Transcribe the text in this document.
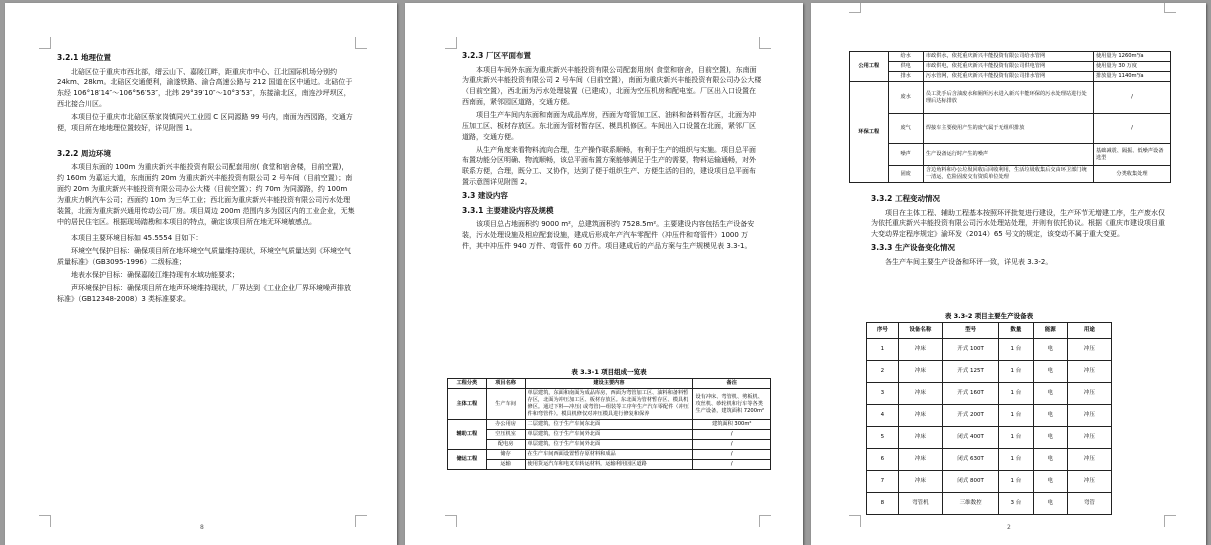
3.2.1 地理位置
北碚区位于重庆市西北部，缙云山下、嘉陵江畔，距重庆市中心、江北国际机场分别约 24km、28km。北碚区交通便利，渝遂铁路、渝合高速公路与 212 国道在区中通过。北碚位于东经 106°18′14″～106°56′53″，北纬 29°39′10″～10°3′53″，东接渝北区，南连沙坪坝区，西北接合川区。
本项目位于重庆市北碚区蔡家岗镇同兴工业园 C 区同源路 99 号内，南面为西园路，交通方便，项目所在地地理位置较好，详见附图 1。
3.2.2 周边环境
本项目东面的 100m 为重庆新兴丰能投资有限公司配套用房( 食堂和宿舍楼，目前空置)，约 160m 为嘉运大道，东南面约 20m 为重庆新兴丰能投资有限公司 2 号车间（目前空置）；南面约 20m 为重庆新兴丰能投资有限公司办公大楼（目前空置）；约 70m 为同源路，约 100m 为重庆力帆汽车公司；西面约 10m 为三华工业；西北面为重庆新兴丰能投资有限公司污水处理装置，北面为重庆新兴通用传动公司厂房。项目周边 200m 范围内多为园区内的工业企业，无集中的居民住宅区。根据现场踏勘和本项目的特点，确定该项目所在地无环境敏感点。
本项目主要环境目标如 45.5554 目如下：
环境空气保护目标：确保项目所在地环境空气质量维持现状，环境空气质量达到《环境空气质量标准》（GB3095-1996）二级标准；
地表水保护目标：确保嘉陵江维持现有水域功能要求；
声环境保护目标：确保项目所在地声环境维持现状，厂界达到《工业企业厂界环境噪声排放标准》（GB12348-2008）3 类标准要求。
8
3.2.3 厂区平面布置
本项目车间外东面为重庆新兴丰能投资有限公司配套用房( 食堂和宿舍，目前空置)，东南面为重庆新兴丰能投资有限公司 2 号车间（目前空置），南面为重庆新兴丰能投资有限公司办公大楼（目前空置），西北面为污水处理装置（已建成），北面为空压机房和配电室。厂区出入口设置在西南面，紧邻园区道路，交通方便。
项目生产车间内东面和南面为成品库房，西面为弯管加工区、油料和备料暂存区，北面为冲压加工区、板材存放区。东北面为管材暂存区、模具机修区。车间出入口设置在北面，紧邻厂区道路，交通方便。
从生产角度来看物料流向合理，生产操作联系顺畅，有利于生产的组织与实施。项目总平面布置功能分区明确、物流顺畅，该总平面布置方案能够满足于生产的需要，物料运输通畅，对外联系方便，合理，既分工、又协作，达到了便于组织生产、方便生活的目的，建设项目总平面布置示意图详见附图 2。
3.3 建设内容
3.3.1 主要建设内容及规模
该项目总占地面积约 9000 m²，总建筑面积约 7528.5m²。主要建设内容包括生产设备安装，污水处理设施及相应配套设施，建成后形成年产汽车零配件（冲压件和弯管件）1000 万件，其中冲压件 940 万件、弯管件 60 万件。项目建成后的产品方案与生产规模见表 3.3-1。
表 3.3-1 项目组成一览表
工程分类	项目名称	建设主要内容	备注
主体工程	生产车间	单层建筑，东面和南面为成品库房，西面为弯管加工区、油料和备料暂存区，北面为冲压加工区、板材存放区。东北面为管材暂存区、模具机修区。通过下料—冲压( 或弯管)—组装等工序年生产汽车零配件（冲压件和弯管件）。模具机修仅对冲压模具进行修复和保养	设有冲床、弯管机、剪板机、攻丝机、砂轮机和行车等各类生产设备，建筑面积 7200m²
辅助工程	办公用房	二层建筑，位于生产车间东北面	建筑面积 300m²
	空压机室	单层建筑，位于生产车间外北面	/
	配电房	单层建筑，位于生产车间外北面	/
储运工程	储存	在生产车间西面设置暂存原材料和成品	/
	运输	使用货运汽车和电叉车转运材料，运输利用园区道路	/
公用工程	给水	市政供水，依托重庆新兴丰能投资有限公司给水管网	使用量为 1260m³/a
	供电	市政供电，依托重庆新兴丰能投资有限公司供电管网	使用量为 30 万度
	排水	污水管网，依托重庆新兴丰能投资有限公司排水管网	排放量为 1140m³/a
环保工程	废水	员工洗手后含油废水和厕所污水进入新兴丰能环保的污水处理站进行处理后达标排放	/
	废气	焊接车主要使用产生的废气属于无组织排放	/
	噪声	生产设备运行时产生的噪声	基础减震、隔振、低噪声设备选型
	固废	含边角料和办公垃圾回收后回收利用，生活垃圾收集后交由环卫部门统一清运，危险固废交有资质单位处理	分类收集处理
3.3.2 工程变动情况
项目在主体工程、辅助工程基本按照环评批复进行建设，生产环节无增建工序，生产废水仅为依托重庆新兴丰能投资有限公司污水处理站处理，并则有依托协议。根据《重庆市建设项目重大变动界定程序规定》渝环发（2014）65 号文的规定，该变动不属于重大变更。
3.3.3 生产设备变化情况
各生产车间主要生产设备和环评一致，详见表 3.3-2。
表 3.3-2 项目主要生产设备表
序号	设备名称	型号	数量	能源	用途
1	冲床	开式 100T	1 台	电	冲压
2	冲床	开式 125T	1 台	电	冲压
3	冲床	开式 160T	1 台	电	冲压
4	冲床	开式 200T	1 台	电	冲压
5	冲床	闭式 400T	1 台	电	冲压
6	冲床	闭式 630T	1 台	电	冲压
7	冲床	闭式 800T	1 台	电	冲压
8	弯管机	三维数控	3 台	电	弯管
2
